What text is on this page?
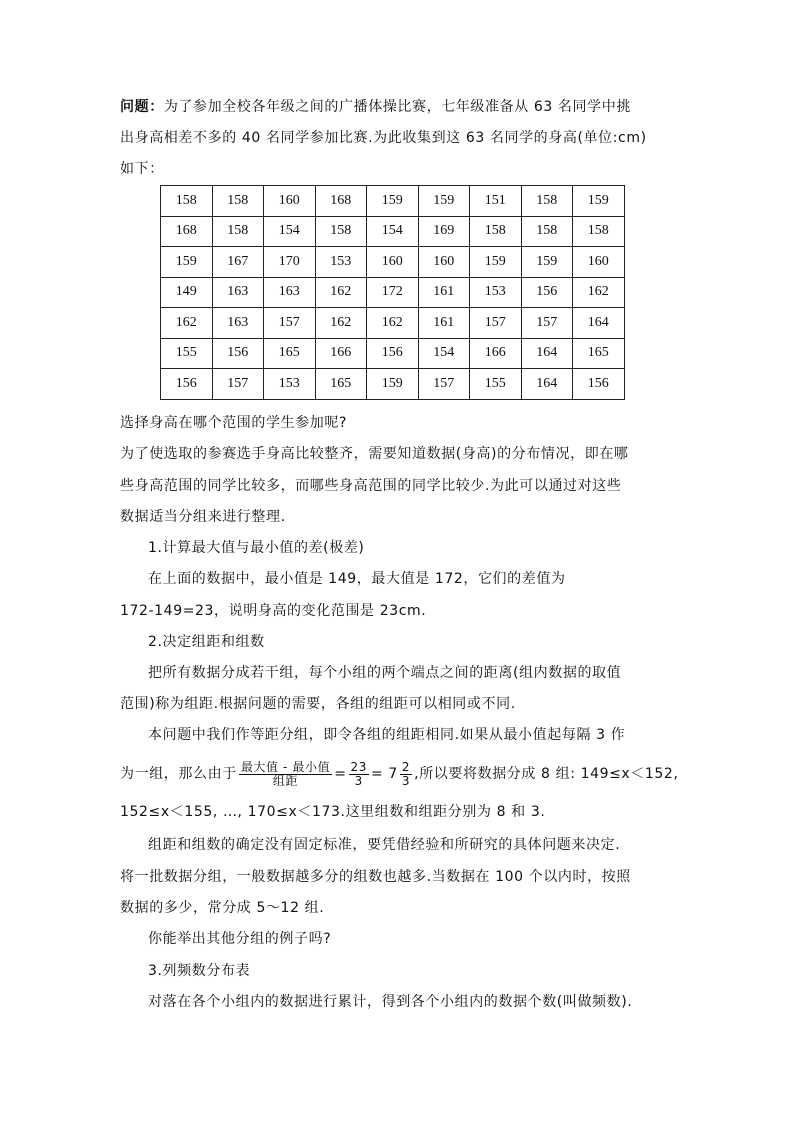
问题：为了参加全校各年级之间的广播体操比赛，七年级准备从 63 名同学中挑
出身高相差不多的 40 名同学参加比赛.为此收集到这 63 名同学的身高(单位:cm)
如下：
158	158	160	168	159	159	151	158	159
168	158	154	158	154	169	158	158	158
159	167	170	153	160	160	159	159	160
149	163	163	162	172	161	153	156	162
162	163	157	162	162	161	157	157	164
155	156	165	166	156	154	166	164	165
156	157	153	165	159	157	155	164	156
选择身高在哪个范围的学生参加呢?
为了使选取的参赛选手身高比较整齐，需要知道数据(身高)的分布情况，即在哪
些身高范围的同学比较多，而哪些身高范围的同学比较少.为此可以通过对这些
数据适当分组来进行整理.
1.计算最大值与最小值的差(极差)
在上面的数据中，最小值是 149，最大值是 172，它们的差值为
172-149=23，说明身高的变化范围是 23cm.
2.决定组距和组数
把所有数据分成若干组，每个小组的两个端点之间的距离(组内数据的取值
范围)称为组距.根据问题的需要，各组的组距可以相同或不同.
本问题中我们作等距分组，即令各组的组距相同.如果从最小值起每隔 3 作
为一组，那么由于 $\frac{\text{最大值 - 最小值}}{\text{组距}} = \frac{23}{3} = 7 \frac{2}{3}$ ,所以要将数据分成 8 组: 149≤x＜152,
152≤x＜155, …, 170≤x＜173.这里组数和组距分别为 8 和 3.
组距和组数的确定没有固定标准，要凭借经验和所研究的具体问题来决定.
将一批数据分组，一般数据越多分的组数也越多.当数据在 100 个以内时，按照
数据的多少，常分成 5～12 组.
你能举出其他分组的例子吗?
3.列频数分布表
对落在各个小组内的数据进行累计，得到各个小组内的数据个数(叫做频数).
